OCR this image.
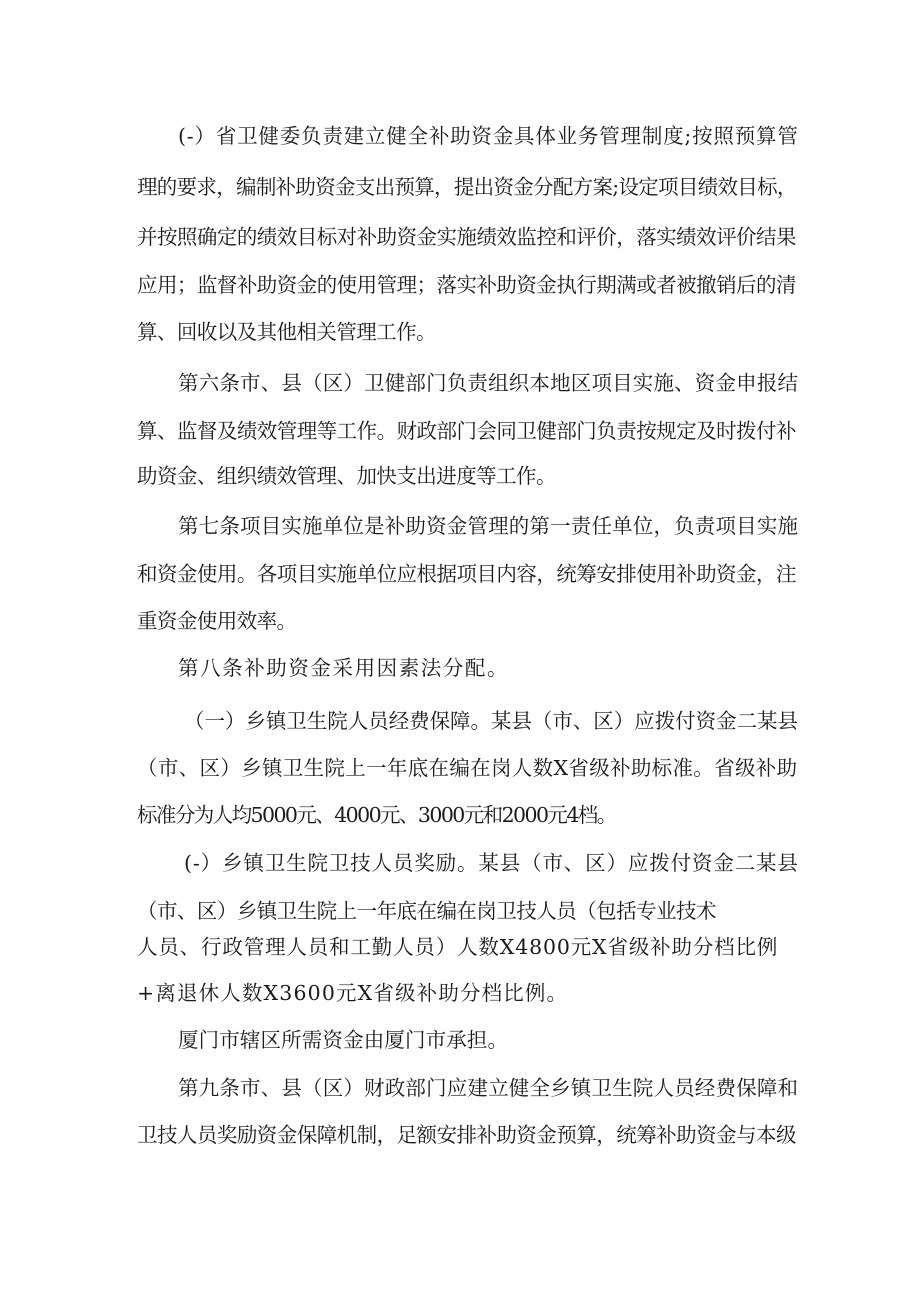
(-）省卫健委负责建立健全补助资金具体业务管理制度;按照预算管
理的要求，编制补助资金支出预算，提出资金分配方案;设定项目绩效目标，
并按照确定的绩效目标对补助资金实施绩效监控和评价，落实绩效评价结果
应用；监督补助资金的使用管理；落实补助资金执行期满或者被撤销后的清
算、回收以及其他相关管理工作。
第六条市、县（区）卫健部门负责组织本地区项目实施、资金申报结
算、监督及绩效管理等工作。财政部门会同卫健部门负责按规定及时拨付补
助资金、组织绩效管理、加快支出进度等工作。
第七条项目实施单位是补助资金管理的第一责任单位，负责项目实施
和资金使用。各项目实施单位应根据项目内容，统筹安排使用补助资金，注
重资金使用效率。
第八条补助资金采用因素法分配。
（一）乡镇卫生院人员经费保障。某县（市、区）应拨付资金二某县
（市、区）乡镇卫生院上一年底在编在岗人数X省级补助标准。省级补助
标准分为人均5000元、4000元、3000元和2000元4档。
(-）乡镇卫生院卫技人员奖励。某县（市、区）应拨付资金二某县
（市、区）乡镇卫生院上一年底在编在岗卫技人员（包括专业技术
人员、行政管理人员和工勤人员）人数X4800元X省级补助分档比例
+离退休人数X3600元X省级补助分档比例。
厦门市辖区所需资金由厦门市承担。
第九条市、县（区）财政部门应建立健全乡镇卫生院人员经费保障和
卫技人员奖励资金保障机制，足额安排补助资金预算，统筹补助资金与本级
